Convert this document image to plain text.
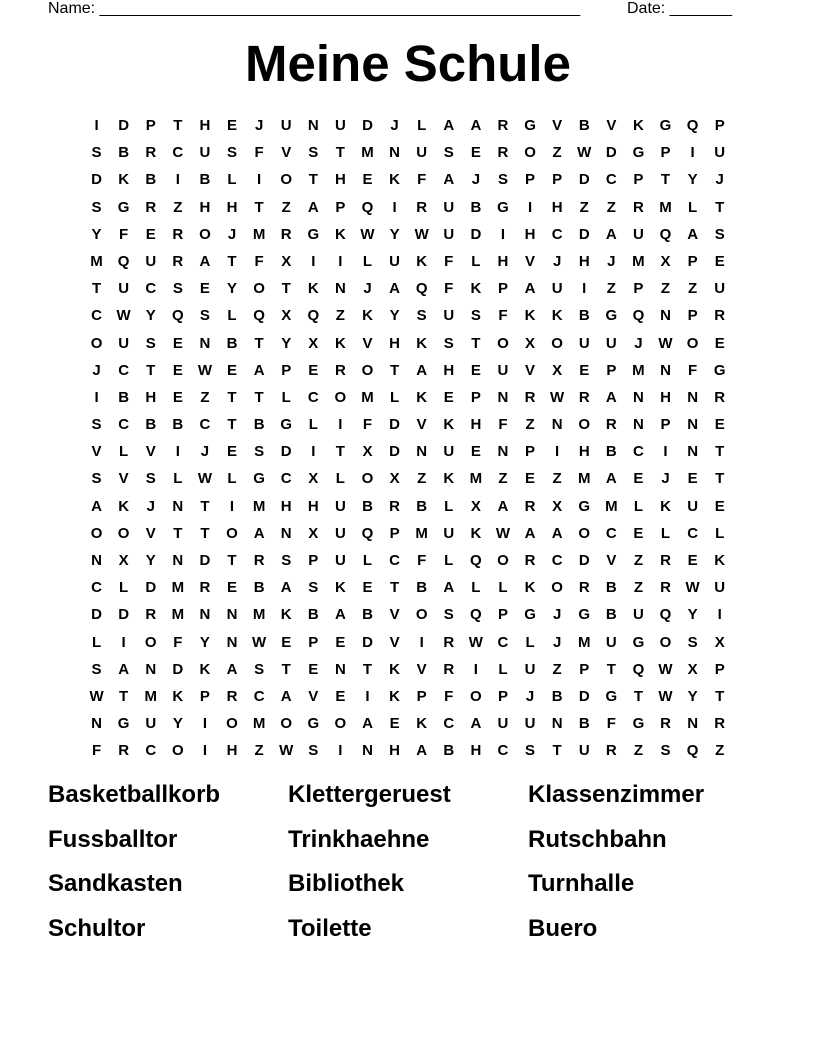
Name: ______________________________________________________	Date: _______
Meine Schule
I	D	P	T	H	E	J	U	N	U	D	J	L	A	A	R	G	V	B	V	K	G	Q	P
S	B	R	C	U	S	F	V	S	T	M	N	U	S	E	R	O	Z	W D	G	P	I	U
D	K	B	I	B	L	I	O	T	H	E	K	F	A	J	S	P	P	D	C	P	T	Y	J
S	G	R	Z	H	H	T	Z	A	P	Q	I	R	U	B	G	I	H	Z	Z	R	M	L	T
Y	F	E	R	O	J	M	R	G	K W	Y	W U	D	I	H	C	D	A	U	Q	A	S
M	Q	U	R	A	T	F	X	I	I	L	U	K	F	L	H	V	J	H	J	M	X	P	E
T	U	C	S	E	Y	O	T	K	N	J	A	Q	F	K	P	A	U	I	Z	P	Z	Z	U
C W	Y	Q	S	L	Q	X	Q	Z	K	Y	S	U	S	F	K	K	B	G	Q	N	P	R
O	U	S	E	N	B	T	Y	X	K	V	H	K	S	T	O	X	O	U	U	J	W O	E
J	C	T	E	W	E	A	P	E	R	O	T	A	H	E	U	V	X	E	P	M	N	F	G
I	B	H	E	Z	T	T	L	C	O	M	L	K	E	P	N	R W R	A	N	H	N	R
S	C	B	B	C	T	B	G	L	I	F	D	V	K	H	F	Z	N	O	R	N	P	N	E
V	L	V	I	J	E	S	D	I	T	X	D	N	U	E	N	P	I	H	B	C	I	N	T
S	V	S	L	W	L	G	C	X	L	O	X	Z	K	M	Z	E	Z	M	A	E	J	E	T
A	K	J	N	T	I	M	H	H	U	B	R	B	L	X	A	R	X	G	M	L	K	U	E
O	O	V	T	T	O	A	N	X	U	Q	P	M	U	K W A	A	O	C	E	L	C	L
N	X	Y	N	D	T	R	S	P	U	L	C	F	L	Q	O	R	C	D	V	Z	R	E	K
C	L	D	M	R	E	B	A	S	K	E	T	B	A	L	L	K	O	R	B	Z	R W U
D	D	R	M	N	N	M	K	B	A	B	V	O	S	Q	P	G	J	G	B	U	Q	Y	I
L	I	O	F	Y	N W	E	P	E	D	V	I	R W C	L	J	M	U	G	O	S	X
S	A	N	D	K	A	S	T	E	N	T	K	V	R	I	L	U	Z	P	T	Q W	X	P
W	T	M	K	P	R	C	A	V	E	I	K	P	F	O	P	J	B	D	G	T	W	Y	T
N	G	U	Y	I	O	M	O	G	O	A	E	K	C	A	U	U	N	B	F	G	R	N	R
F	R	C	O	I	H	Z	W	S	I	N	H	A	B	H	C	S	T	U	R	Z	S	Q	Z
Basketballkorb	Klettergeruest	Klassenzimmer
Fussballtor	Trinkhaehne	Rutschbahn
Sandkasten	Bibliothek	Turnhalle
Schultor	Toilette	Buero
